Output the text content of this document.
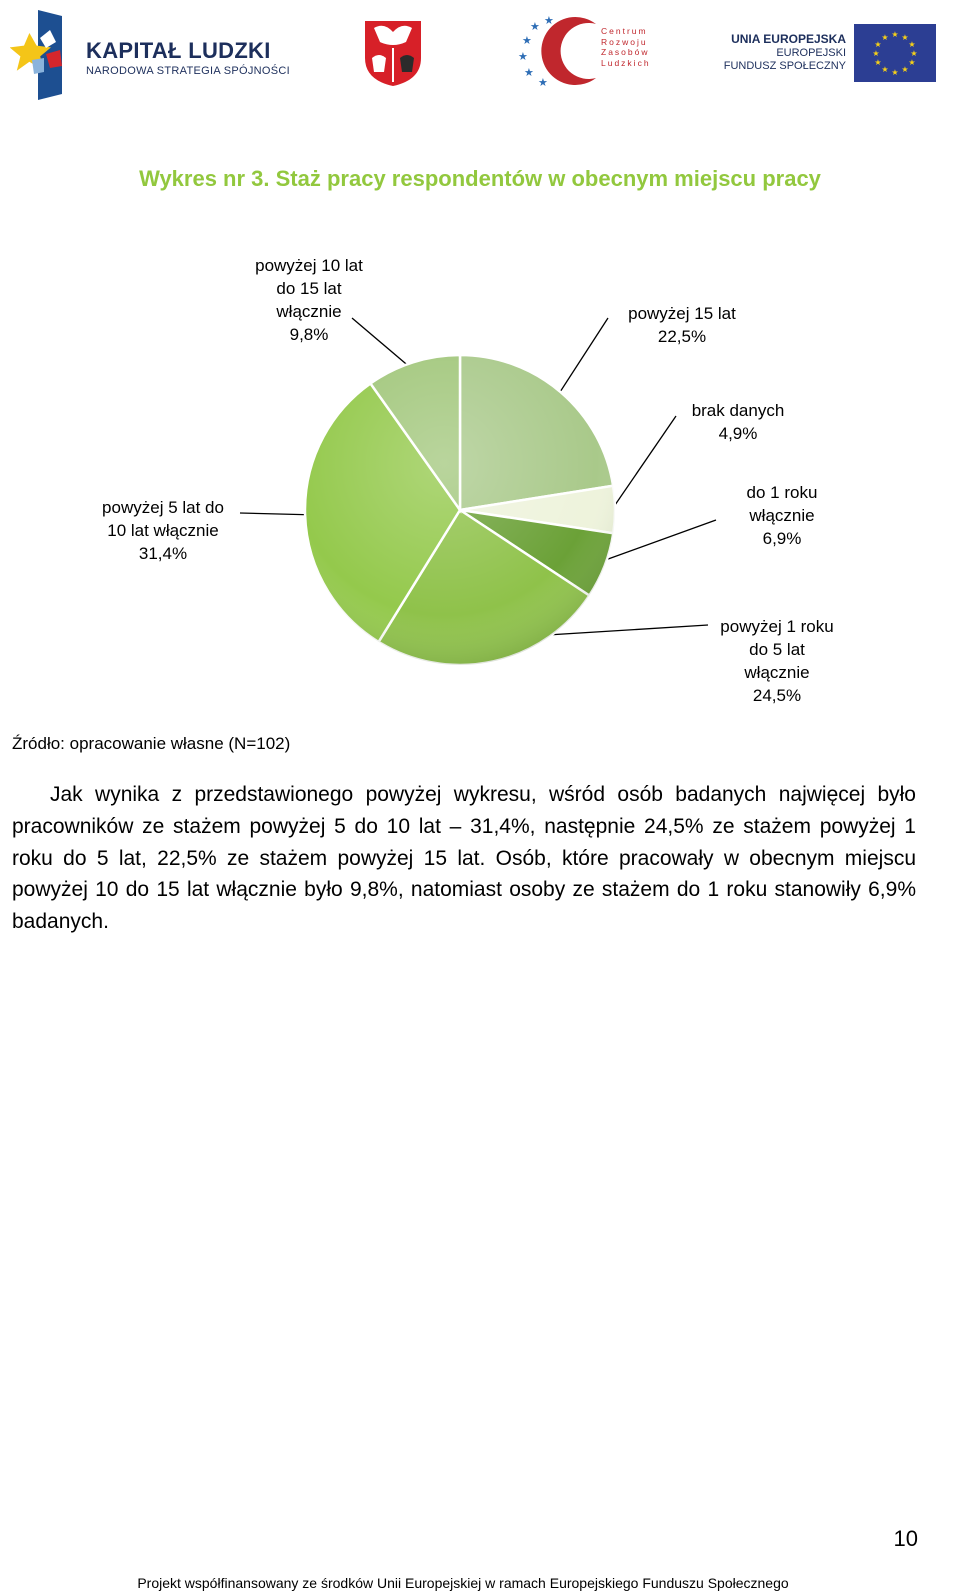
KAPITAŁ LUDZKI
NARODOWA STRATEGIA SPÓJNOŚCI
★
★ ★
★
★
★
Centrum
Rozwoju
Zasobów
Ludzkich
UNIA EUROPEJSKA
EUROPEJSKI
FUNDUSZ SPOŁECZNY
★ ★
★
★
★
★
★
★
★
★
★
★
Wykres nr 3. Staż pracy respondentów w obecnym miejscu pracy
powyżej 10 lat
do 15 lat
włącznie
9,8%
powyżej 15 lat
22,5%
brak danych
4,9%
do 1 roku
włącznie
6,9%
powyżej 1 roku
do 5 lat
włącznie
24,5%
powyżej 5 lat do
10 lat włącznie
31,4%
Źródło: opracowanie własne (N=102)

Jak wynika z przedstawionego powyżej wykresu, wśród osób badanych najwięcej było pracowników ze stażem powyżej 5 do 10 lat – 31,4%, następnie 24,5% ze stażem powyżej 1 roku do 5 lat, 22,5% ze stażem powyżej 15 lat. Osób, które pracowały w obecnym miejscu powyżej 10 do 15 lat włącznie było 9,8%, natomiast osoby ze stażem do 1 roku stanowiły 6,9% badanych.

10
Projekt współfinansowany ze środków Unii Europejskiej w ramach Europejskiego Funduszu Społecznego
